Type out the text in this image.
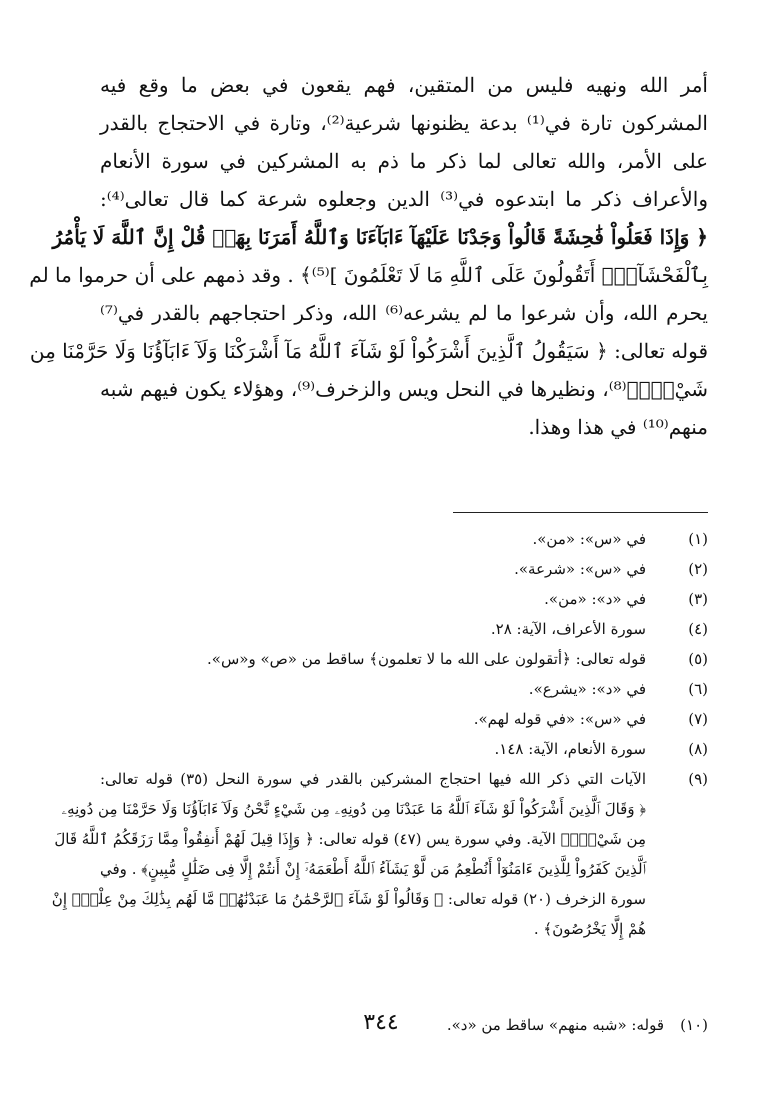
أمر الله ونهيه فليس من المتقين، فهم يقعون في بعض ما وقع فيه
المشركون تارة في⁽¹⁾ بدعة يظنونها شرعية⁽²⁾، وتارة في الاحتجاج بالقدر
على الأمر، والله تعالى لما ذكر ما ذم به المشركين في سورة الأنعام
والأعراف ذكر ما ابتدعوه في⁽³⁾ الدين وجعلوه شرعة كما قال تعالى⁽⁴⁾:
﴿ وَإِذَا فَعَلُواْ فَٰحِشَةً قَالُواْ وَجَدْنَا عَلَيْهَآ ءَابَآءَنَا وَٱللَّهُ أَمَرَنَا بِهَاۗ قُلْ إِنَّ ٱللَّهَ لَا يَأْمُرُ
بِٱلْفَحْشَآءِۖ أَتَقُولُونَ عَلَى ٱللَّهِ مَا لَا تَعْلَمُونَ ]⁽⁵⁾﴾ . وقد ذمهم على أن حرموا ما لم
يحرم الله، وأن شرعوا ما لم يشرعه⁽⁶⁾ الله، وذكر احتجاجهم بالقدر في⁽⁷⁾
قوله تعالى: ﴿ سَيَقُولُ ٱلَّذِينَ أَشْرَكُواْ لَوْ شَآءَ ٱللَّهُ مَآ أَشْرَكْنَا وَلَآ ءَابَآؤُنَا وَلَا حَرَّمْنَا مِن
شَيْءٍۚ﴾⁽⁸⁾، ونظيرها في النحل ويس والزخرف⁽⁹⁾، وهؤلاء يكون فيهم شبه
منهم⁽¹⁰⁾ في هذا وهذا.
(١)
في «س»: «من».
(٢)
في «س»: «شرعة».
(٣)
في «د»: «من».
(٤)
سورة الأعراف، الآية: ٢٨.
(٥)
قوله تعالى: ﴿أتقولون على الله ما لا تعلمون﴾ ساقط من «ص» و«س».
(٦)
في «د»: «يشرع».
(٧)
في «س»: «في قوله لهم».
(٨)
سورة الأنعام، الآية: ١٤٨.
(٩)
الآيات التي ذكر الله فيها احتجاج المشركين بالقدر في سورة النحل (٣٥) قوله تعالى:
﴿ وَقَالَ ٱلَّذِينَ أَشْرَكُواْ لَوْ شَآءَ ٱللَّهُ مَا عَبَدْنَا مِن دُونِهِۦ مِن شَيْءٍ نَّحْنُ وَلَآ ءَابَآؤُنَا وَلَا حَرَّمْنَا مِن دُونِهِۦ
مِن شَيْءٍۚ﴾ الآية. وفي سورة يس (٤٧) قوله تعالى: ﴿ وَإِذَا قِيلَ لَهُمْ أَنفِقُواْ مِمَّا رَزَقَكُمُ ٱللَّهُ قَالَ
ٱلَّذِينَ كَفَرُواْ لِلَّذِينَ ءَامَنُوٓاْ أَنُطْعِمُ مَن لَّوْ يَشَآءُ ٱللَّهُ أَطْعَمَهُۥٓ إِنْ أَنتُمْ إِلَّا فِى ضَلَٰلٍ مُّبِينٍ﴾ . وفي
سورة الزخرف (٢٠) قوله تعالى: ﴿ وَقَالُواْ لَوْ شَآءَ ٱلرَّحْمَٰنُ مَا عَبَدْنَٰهُمۗ مَّا لَهُم بِذَٰلِكَ مِنْ عِلْمٍۖ إِنْ
هُمْ إِلَّا يَخْرُصُونَ﴾ .
(١٠)
قوله: «شبه منهم» ساقط من «د».
٣٤٤
